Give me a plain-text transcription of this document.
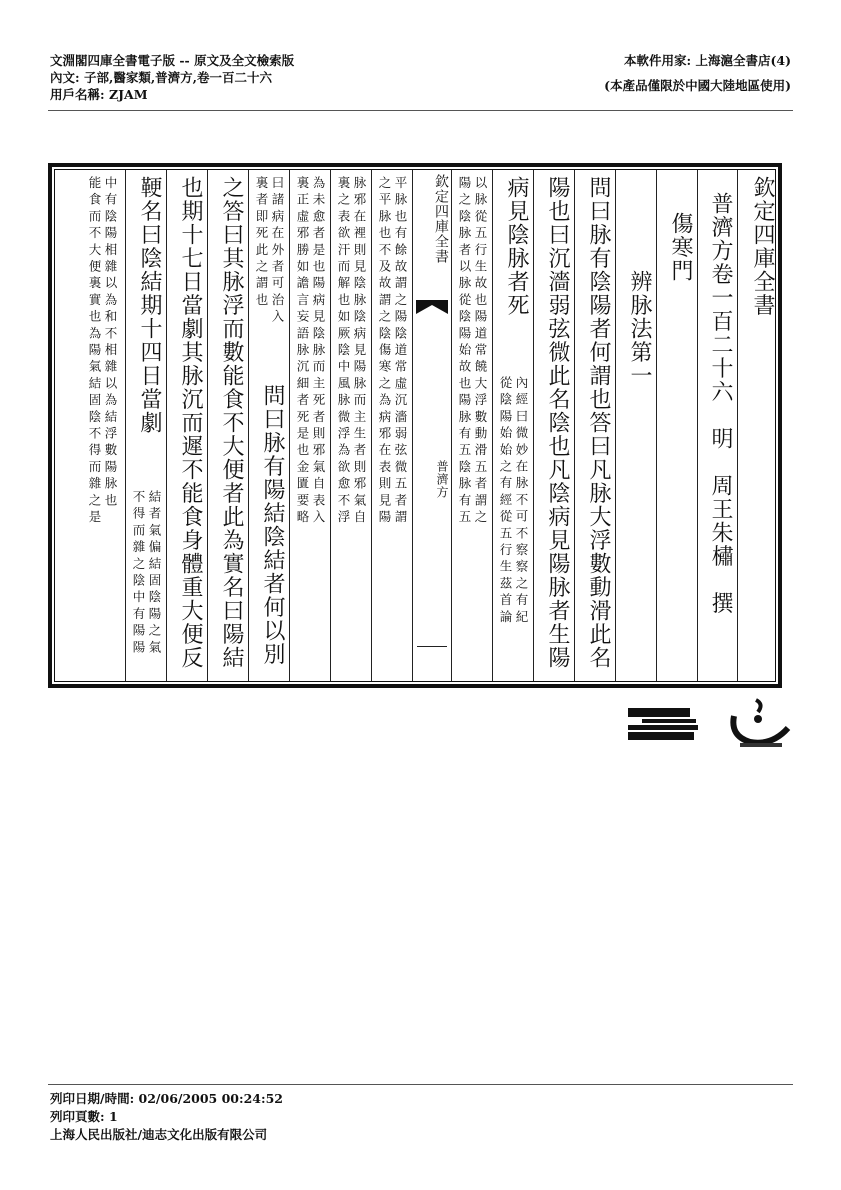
文淵閣四庫全書電子版 -- 原文及全文檢索版
內文: 子部,醫家類,普濟方,卷一百二十六
用戶名稱: ZJAM
本軟件用家: 上海滬全書店(4)
(本產品僅限於中國大陸地區使用)
欽定四庫全書
普濟方卷一百二十六　明　周王朱橚　撰
傷寒門
辨脉法第一
問曰脉有陰陽者何謂也答曰凡脉大浮數動滑此名
陽也曰沉濇弱弦微此名陰也凡陰病見陽脉者生陽
病見陰脉者死
內經曰微妙在脉不可不察察之有紀
從陰陽始始之有經從五行生茲首論
以脉從五行生故也陽道常饒大浮數動滑五者謂之
陽之陰脉者以脉從陰陽始故也陽脉有五陰脉有五
欽定四庫全書
普濟方
平脉也有餘故謂之陽陰道常虛沉濇弱弦微五者謂
之平脉也不及故謂之陰傷寒之為病邪在表則見陽
脉邪在裡則見陰脉陰病見陽脉而主生者則邪氣自
裏之表欲汗而解也如厥陰中風脉微浮為欲愈不浮
為未愈者是也陽病見陰脉而主死者則邪氣自表入
裏正虛邪勝如譫言妄語脉沉細者死是也金匱要略
曰諸病在外者可治入
裏者即死此之謂也
問曰脉有陽結陰結者何以別
之答曰其脉浮而數能食不大便者此為實名曰陽結
也期十七日當劇其脉沉而遲不能食身體重大便反
鞕名曰陰結期十四日當劇
結者氣偏結固陰陽之氣
不得而雜之陰中有陽陽
中有陰陽相雜以為和不相雜以為結浮數陽脉也
能食而不大便裏實也為陽氣結固陰不得而雜之是
列印日期/時間: 02/06/2005 00:24:52
列印頁數: 1
上海人民出版社/迪志文化出版有限公司
